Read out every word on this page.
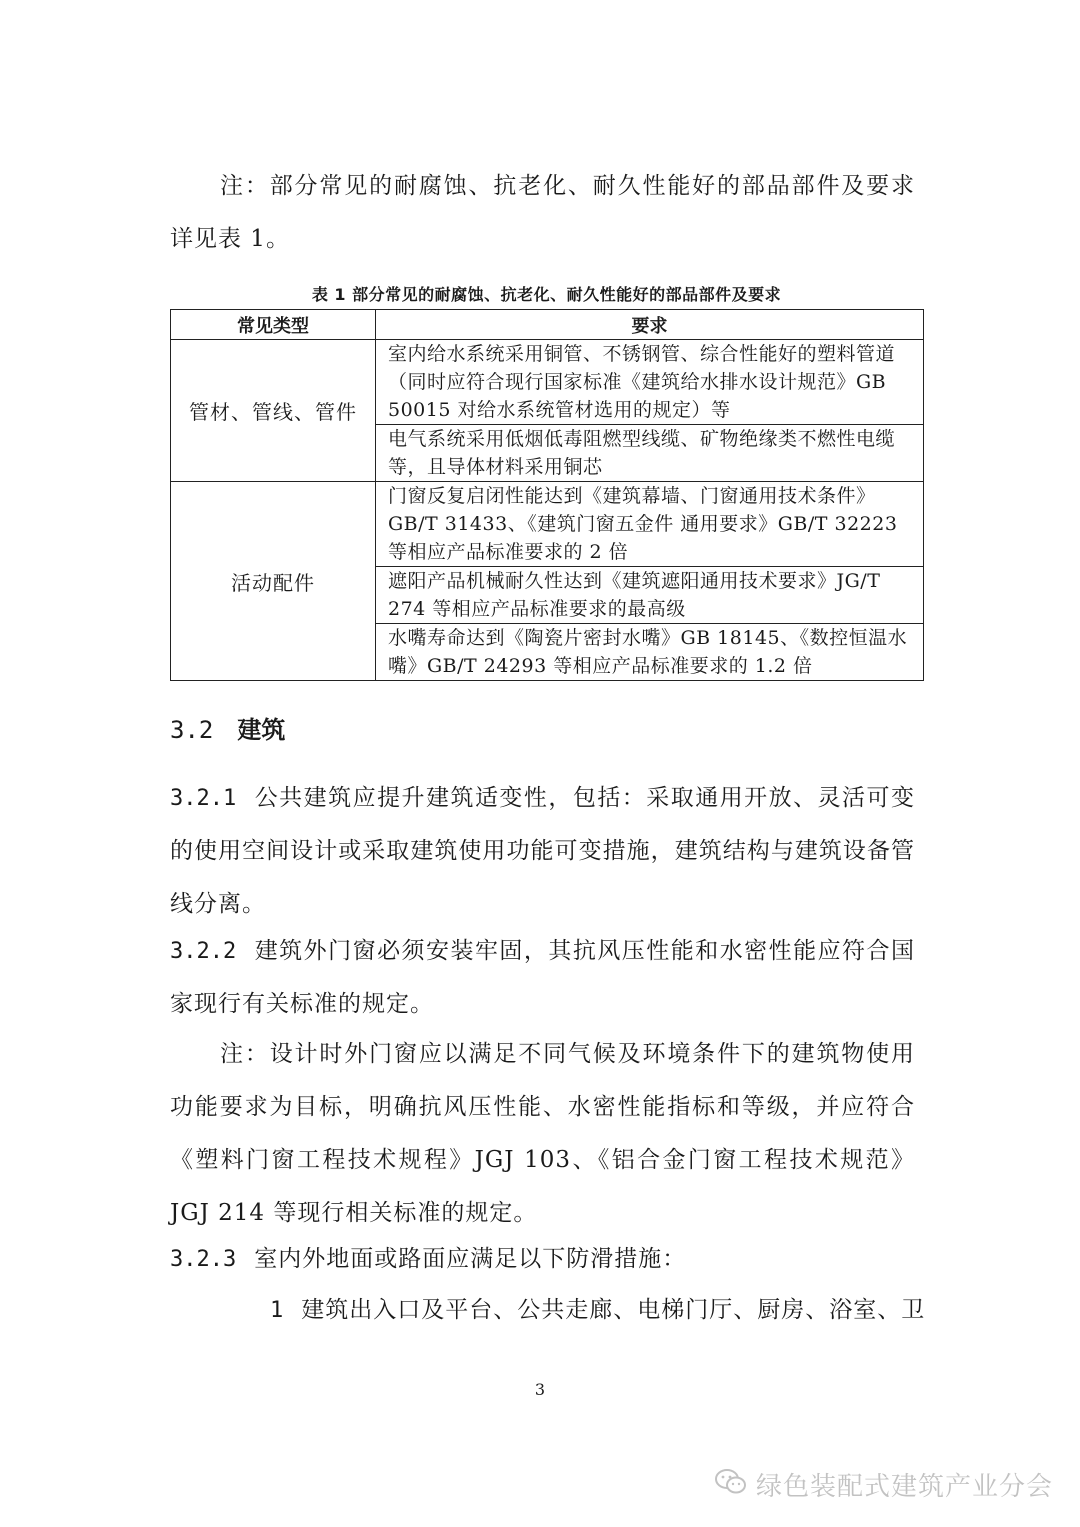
注：部分常见的耐腐蚀、抗老化、耐久性能好的部品部件及要求详见表 1。

表 1 部分常见的耐腐蚀、抗老化、耐久性能好的部品部件及要求
常见类型	要求
管材、管线、管件	室内给水系统采用铜管、不锈钢管、综合性能好的塑料管道（同时应符合现行国家标准《建筑给水排水设计规范》GB 50015 对给水系统管材选用的规定）等
	电气系统采用低烟低毒阻燃型线缆、矿物绝缘类不燃性电缆等，且导体材料采用铜芯
活动配件	门窗反复启闭性能达到《建筑幕墙、门窗通用技术条件》GB/T 31433、《建筑门窗五金件 通用要求》GB/T 32223 等相应产品标准要求的 2 倍
	遮阳产品机械耐久性达到《建筑遮阳通用技术要求》JG/T 274 等相应产品标准要求的最高级
	水嘴寿命达到《陶瓷片密封水嘴》GB 18145、《数控恒温水嘴》GB/T 24293 等相应产品标准要求的 1.2 倍
3.2 建筑

3.2.1 公共建筑应提升建筑适变性，包括：采取通用开放、灵活可变的使用空间设计或采取建筑使用功能可变措施，建筑结构与建筑设备管线分离。

3.2.2 建筑外门窗必须安装牢固，其抗风压性能和水密性能应符合国家现行有关标准的规定。

注：设计时外门窗应以满足不同气候及环境条件下的建筑物使用功能要求为目标，明确抗风压性能、水密性能指标和等级，并应符合《塑料门窗工程技术规程》JGJ 103、《铝合金门窗工程技术规范》JGJ 214 等现行相关标准的规定。

3.2.3 室内外地面或路面应满足以下防滑措施：

1 建筑出入口及平台、公共走廊、电梯门厅、厨房、浴室、卫

3
绿色装配式建筑产业分会
